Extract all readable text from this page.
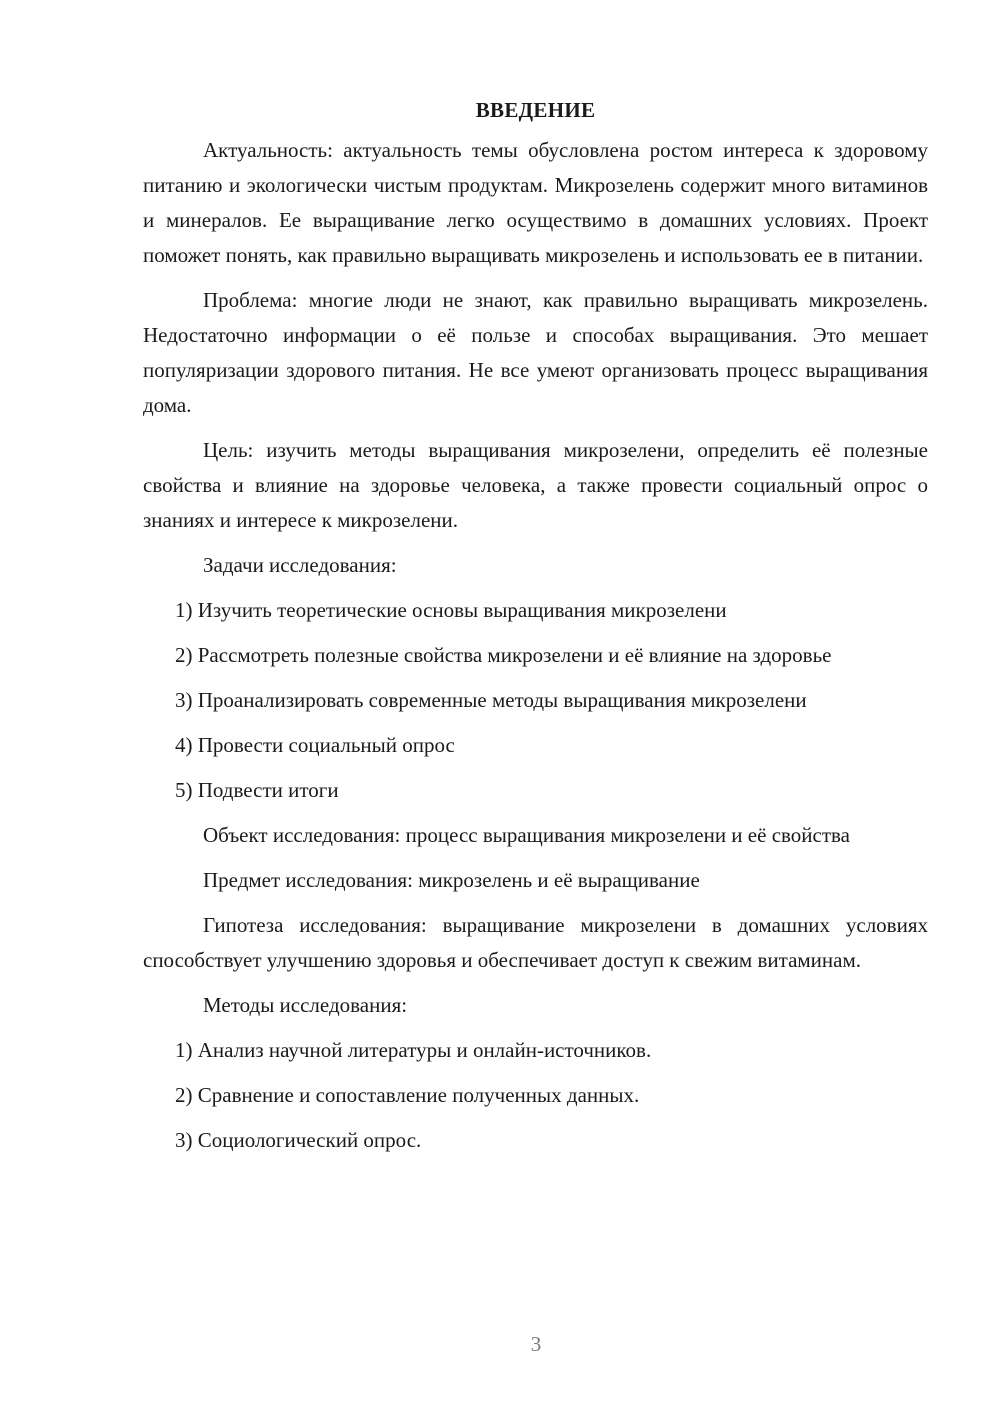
ВВЕДЕНИЕ
Актуальность: актуальность темы обусловлена ростом интереса к здоровому питанию и экологически чистым продуктам. Микрозелень содержит много витаминов и минералов. Ее выращивание легко осуществимо в домашних условиях. Проект поможет понять, как правильно выращивать микрозелень и использовать ее в питании.
Проблема: многие люди не знают, как правильно выращивать микрозелень. Недостаточно информации о её пользе и способах выращивания. Это мешает популяризации здорового питания. Не все умеют организовать процесс выращивания дома.
Цель: изучить методы выращивания микрозелени, определить её полезные свойства и влияние на здоровье человека, а также провести социальный опрос о знаниях и интересе к микрозелени.
Задачи исследования:
1) Изучить теоретические основы выращивания микрозелени
2) Рассмотреть полезные свойства микрозелени и её влияние на здоровье
3) Проанализировать современные методы выращивания микрозелени
4) Провести социальный опрос
5) Подвести итоги
Объект исследования: процесс выращивания микрозелени и её свойства
Предмет исследования: микрозелень и её выращивание
Гипотеза исследования: выращивание микрозелени в домашних условиях способствует улучшению здоровья и обеспечивает доступ к свежим витаминам.
Методы исследования:
1) Анализ научной литературы и онлайн-источников.
2) Сравнение и сопоставление полученных данных.
3) Социологический опрос.
3
